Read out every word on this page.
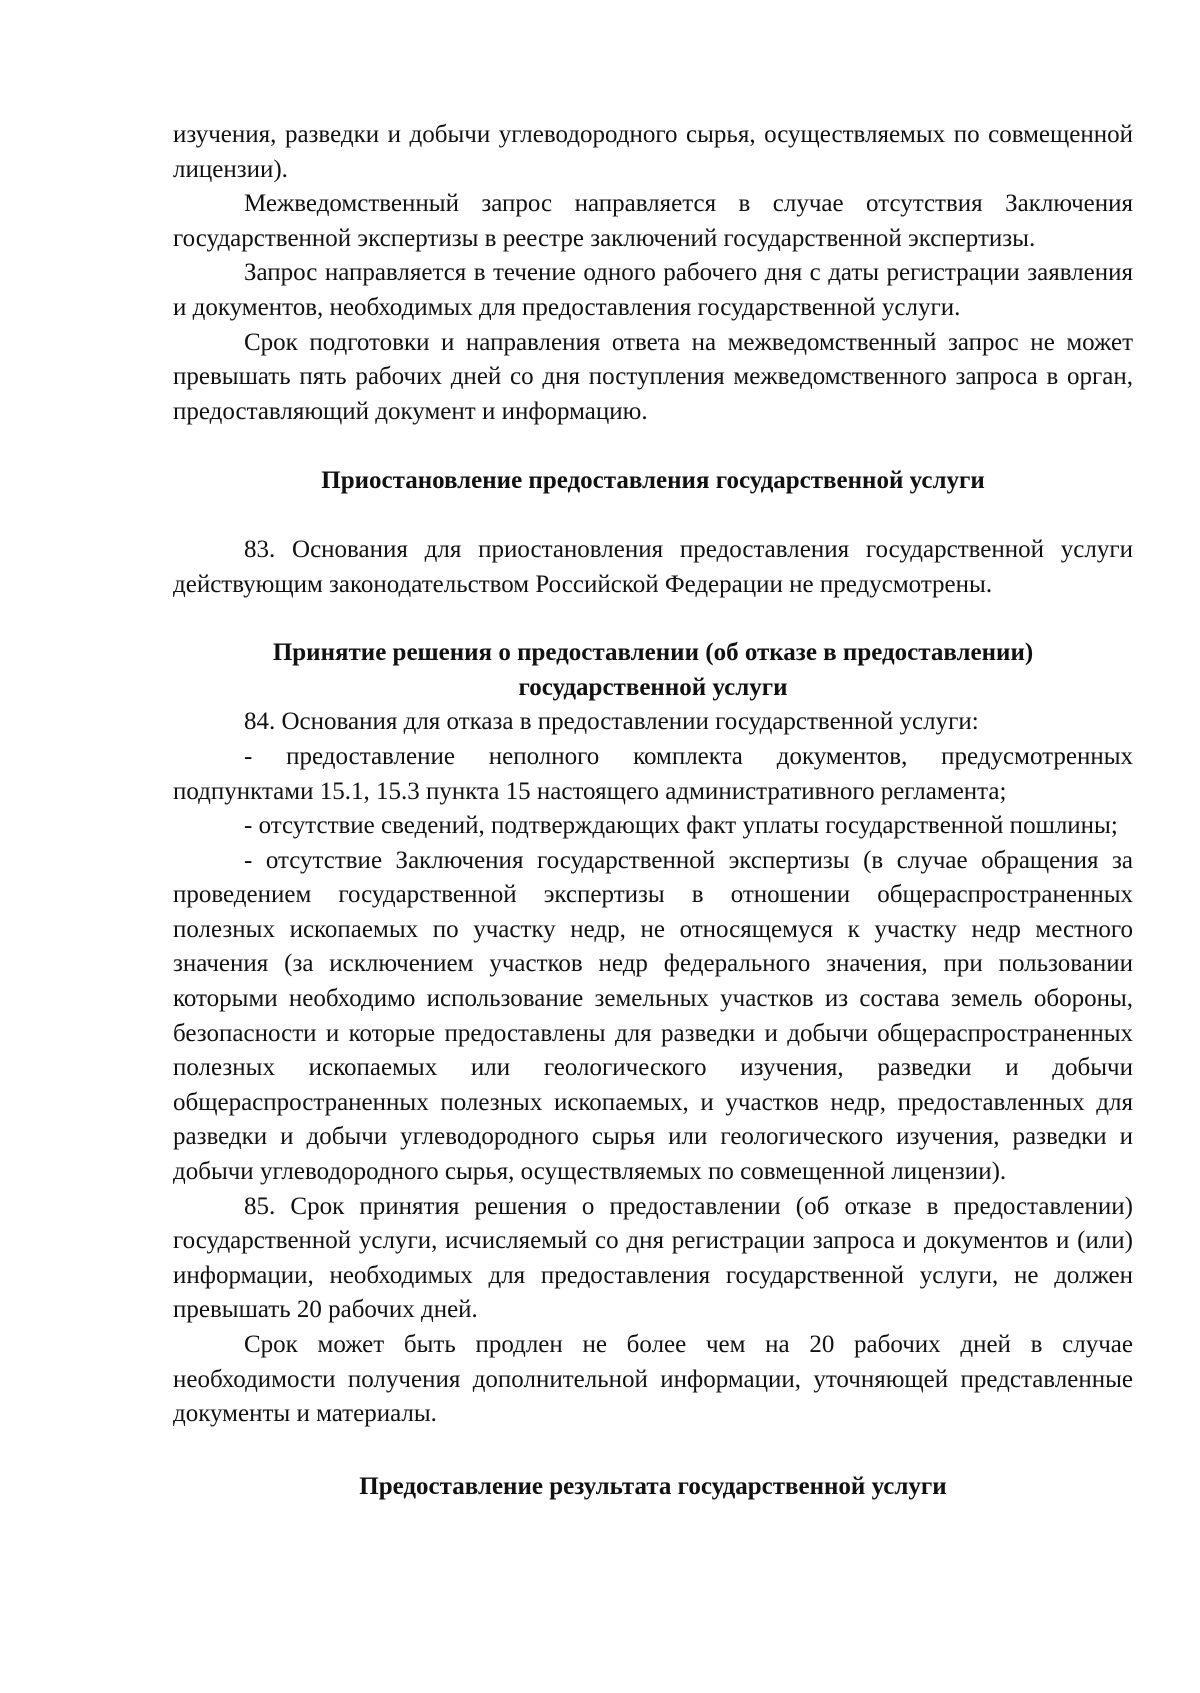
изучения, разведки и добычи углеводородного сырья, осуществляемых по совмещенной лицензии).

Межведомственный запрос направляется в случае отсутствия Заключения государственной экспертизы в реестре заключений государственной экспертизы.

Запрос направляется в течение одного рабочего дня с даты регистрации заявления и документов, необходимых для предоставления государственной услуги.

Срок подготовки и направления ответа на межведомственный запрос не может превышать пять рабочих дней со дня поступления межведомственного запроса в орган, предоставляющий документ и информацию.

Приостановление предоставления государственной услуги

83. Основания для приостановления предоставления государственной услуги действующим законодательством Российской Федерации не предусмотрены.

Принятие решения о предоставлении (об отказе в предоставлении)

государственной услуги

84. Основания для отказа в предоставлении государственной услуги:

- предоставление неполного комплекта документов, предусмотренных подпунктами 15.1, 15.3 пункта 15 настоящего административного регламента;

- отсутствие сведений, подтверждающих факт уплаты государственной пошлины;

- отсутствие Заключения государственной экспертизы (в случае обращения за проведением государственной экспертизы в отношении общераспространенных полезных ископаемых по участку недр, не относящемуся к участку недр местного значения (за исключением участков недр федерального значения, при пользовании которыми необходимо использование земельных участков из состава земель обороны, безопасности и которые предоставлены для разведки и добычи общераспространенных полезных ископаемых или геологического изучения, разведки и добычи общераспространенных полезных ископаемых, и участков недр, предоставленных для разведки и добычи углеводородного сырья или геологического изучения, разведки и добычи углеводородного сырья, осуществляемых по совмещенной лицензии).

85. Срок принятия решения о предоставлении (об отказе в предоставлении) государственной услуги, исчисляемый со дня регистрации запроса и документов и (или) информации, необходимых для предоставления государственной услуги, не должен превышать 20 рабочих дней.

Срок может быть продлен не более чем на 20 рабочих дней в случае необходимости получения дополнительной информации, уточняющей представленные документы и материалы.

Предоставление результата государственной услуги
